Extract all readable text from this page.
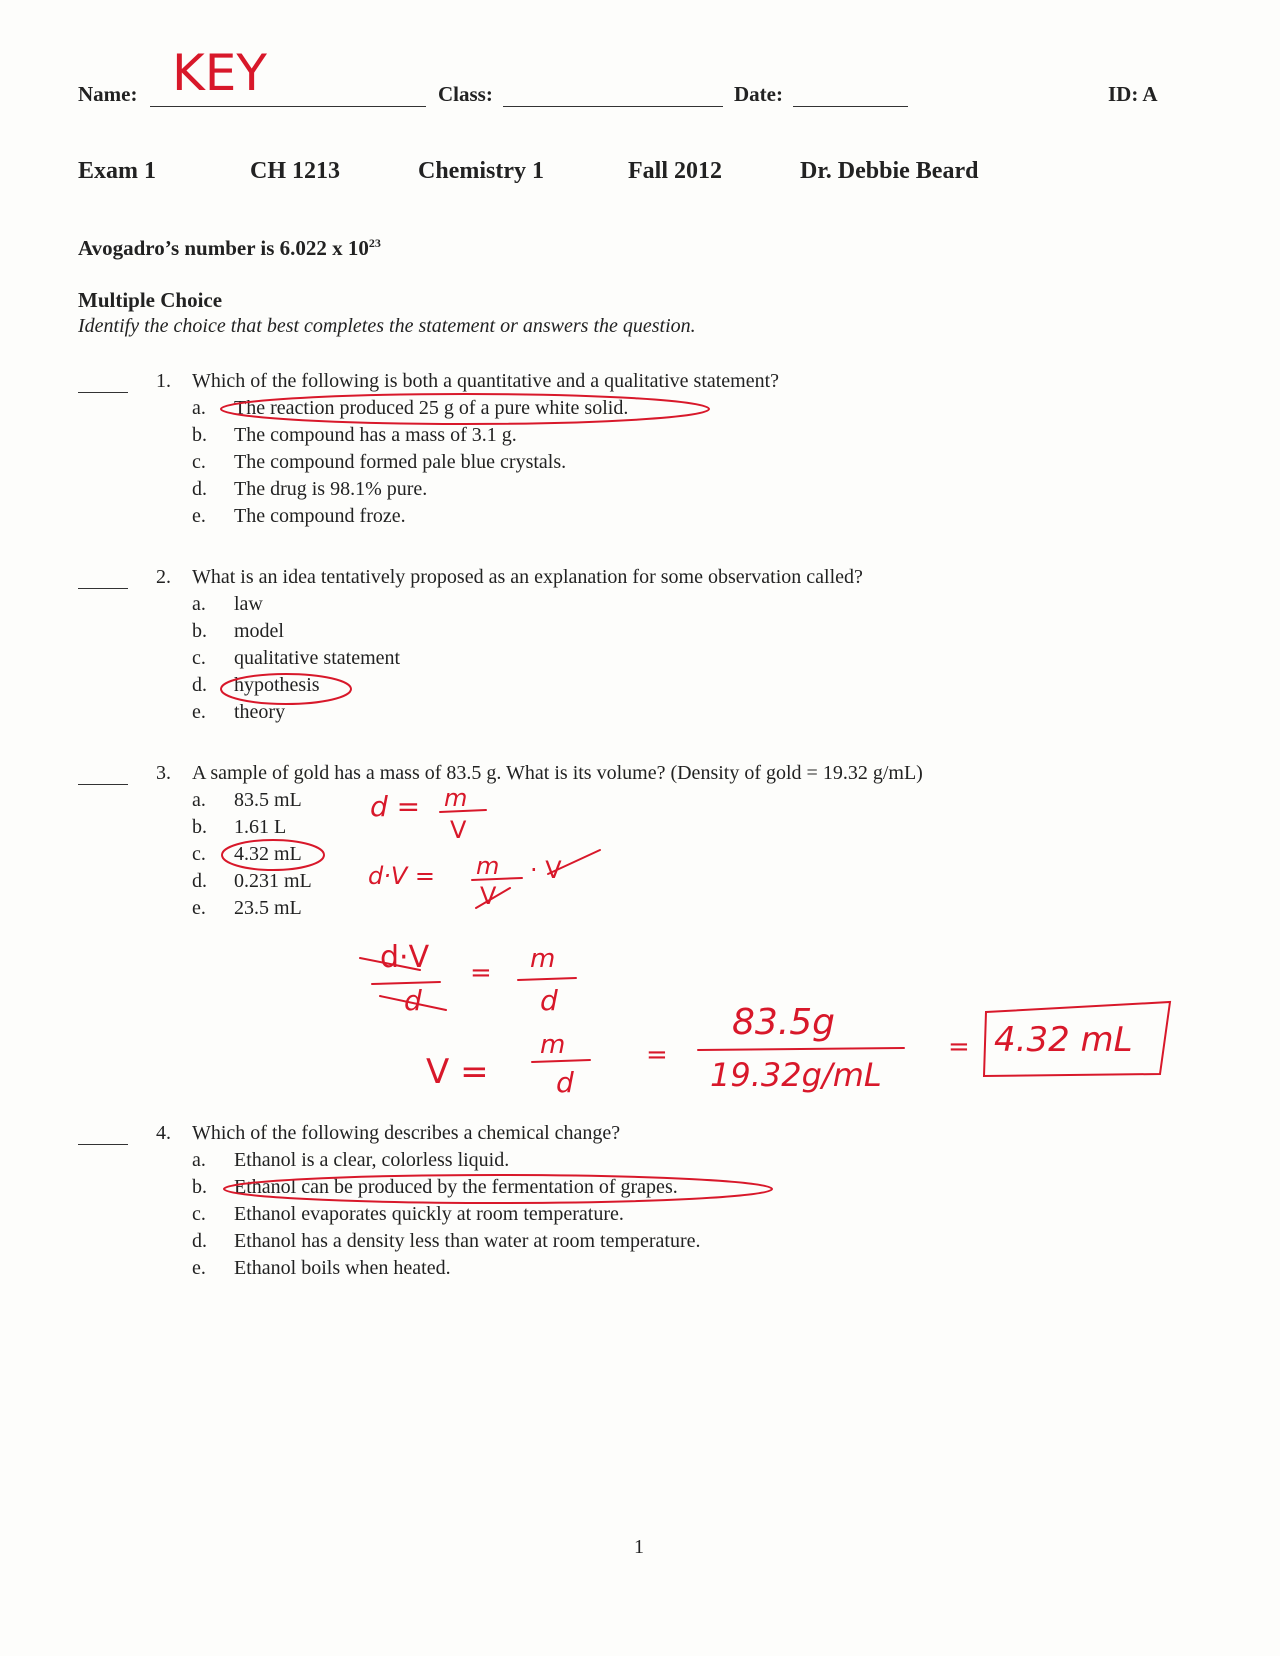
Name: KEY	Class:	Date:	ID: A
Exam 1	CH 1213	Chemistry 1	Fall 2012	Dr. Debbie Beard
Avogadro’s number is 6.022 x $10^{23}$
Multiple Choice
Identify the choice that best completes the statement or answers the question.
1. Which of the following is both a quantitative and a qualitative statement?
a. The reaction produced 25 g of a pure white solid.
b. The compound has a mass of 3.1 g.
c. The compound formed pale blue crystals.
d. The drug is 98.1% pure.
e. The compound froze.
2. What is an idea tentatively proposed as an explanation for some observation called?
a. law
b. model
c. qualitative statement
d. hypothesis
e. theory
3. A sample of gold has a mass of 83.5 g. What is its volume? (Density of gold = 19.32 g/mL)
a. 83.5 mL
b. 1.61 L
c. 4.32 mL
d. 0.231 mL
e. 23.5 mL
d = m
V
d·V = m
V
· V
d·V
d
= m
d
V =
m
d
=
83.5g
19.32g/mL
= 4.32 mL
4. Which of the following describes a chemical change?
a. Ethanol is a clear, colorless liquid.
b. Ethanol can be produced by the fermentation of grapes.
c. Ethanol evaporates quickly at room temperature.
d. Ethanol has a density less than water at room temperature.
e. Ethanol boils when heated.
1
